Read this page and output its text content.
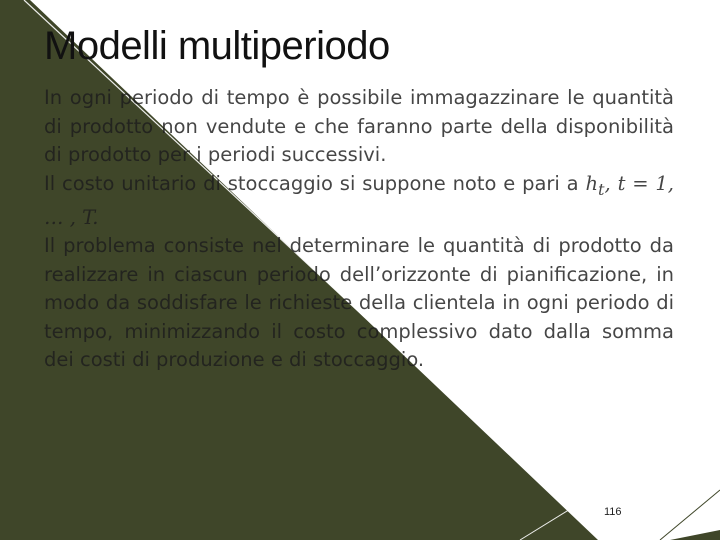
Modelli multiperiodo

In ogni periodo di tempo è possibile immagazzinare le quantità di prodotto non vendute e che faranno parte della disponibilità di prodotto per i periodi successivi.

Il costo unitario di stoccaggio si suppone noto e pari a $h_t$, t = 1, … , T.

Il problema consiste nel determinare le quantità di prodotto da realizzare in ciascun periodo dell’orizzonte di pianificazione, in modo da soddisfare le richieste della clientela in ogni periodo di tempo, minimizzando il costo complessivo dato dalla somma dei costi di produzione e di stoccaggio.

116
